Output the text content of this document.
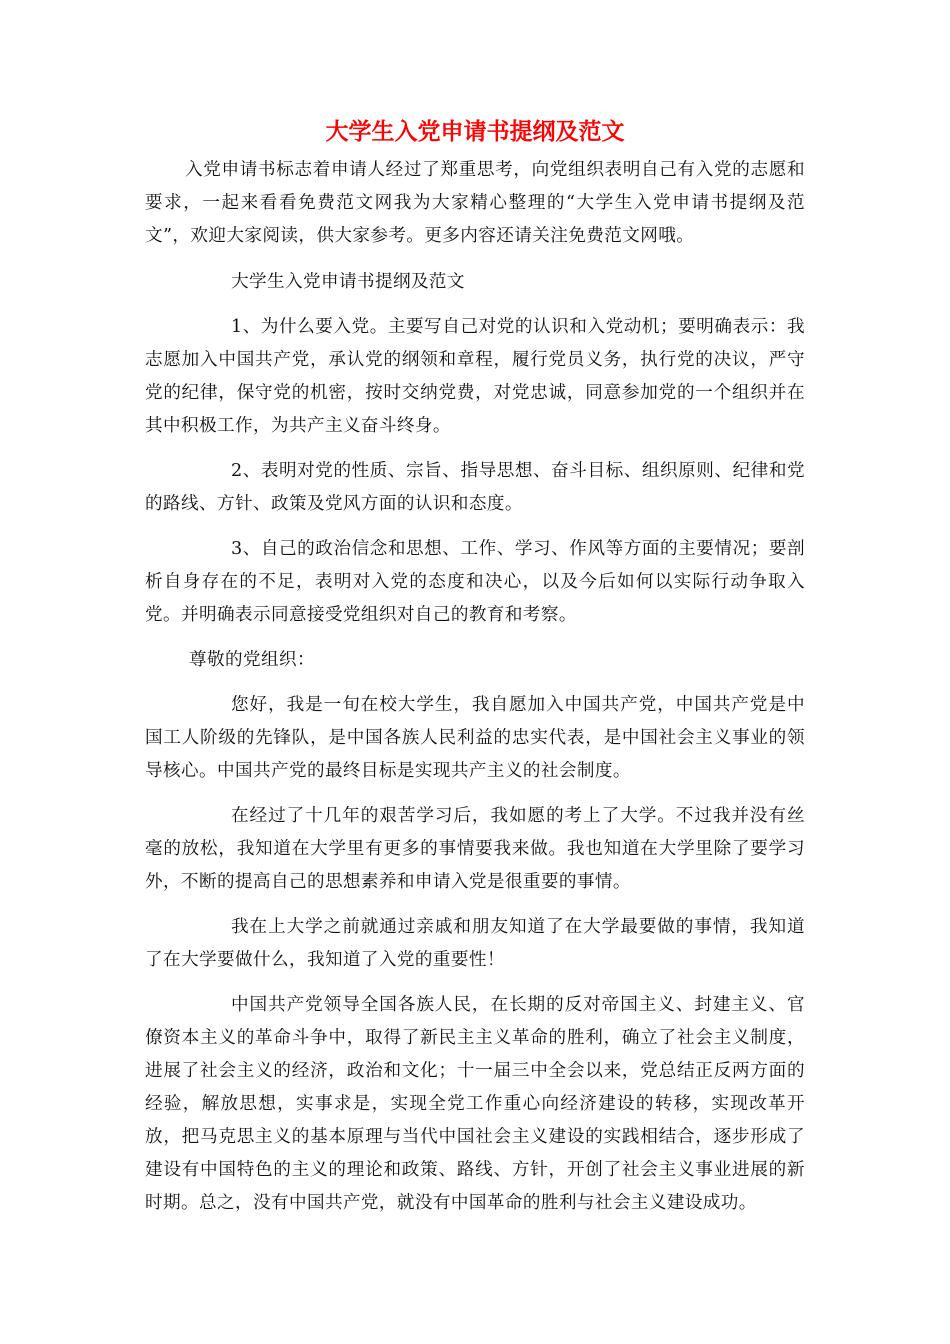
大学生入党申请书提纲及范文

入党申请书标志着申请人经过了郑重思考，向党组织表明自己有入党的志愿和要求，一起来看看免费范文网我为大家精心整理的“大学生入党申请书提纲及范文”，欢迎大家阅读，供大家参考。更多内容还请关注免费范文网哦。

大学生入党申请书提纲及范文

1、为什么要入党。主要写自己对党的认识和入党动机；要明确表示：我志愿加入中国共产党，承认党的纲领和章程，履行党员义务，执行党的决议，严守党的纪律，保守党的机密，按时交纳党费，对党忠诚，同意参加党的一个组织并在其中积极工作，为共产主义奋斗终身。

2、表明对党的性质、宗旨、指导思想、奋斗目标、组织原则、纪律和党的路线、方针、政策及党风方面的认识和态度。

3、自己的政治信念和思想、工作、学习、作风等方面的主要情况；要剖析自身存在的不足，表明对入党的态度和决心，以及今后如何以实际行动争取入党。并明确表示同意接受党组织对自己的教育和考察。

尊敬的党组织：

您好，我是一旬在校大学生，我自愿加入中国共产党，中国共产党是中国工人阶级的先锋队，是中国各族人民利益的忠实代表，是中国社会主义事业的领导核心。中国共产党的最终目标是实现共产主义的社会制度。

在经过了十几年的艰苦学习后，我如愿的考上了大学。不过我并没有丝毫的放松，我知道在大学里有更多的事情要我来做。我也知道在大学里除了要学习外，不断的提高自己的思想素养和申请入党是很重要的事情。

我在上大学之前就通过亲戚和朋友知道了在大学最要做的事情，我知道了在大学要做什么，我知道了入党的重要性！

中国共产党领导全国各族人民，在长期的反对帝国主义、封建主义、官僚资本主义的革命斗争中，取得了新民主主义革命的胜利，确立了社会主义制度，进展了社会主义的经济，政治和文化；十一届三中全会以来，党总结正反两方面的经验，解放思想，实事求是，实现全党工作重心向经济建设的转移，实现改革开放，把马克思主义的基本原理与当代中国社会主义建设的实践相结合，逐步形成了建设有中国特色的主义的理论和政策、路线、方针，开创了社会主义事业进展的新时期。总之，没有中国共产党，就没有中国革命的胜利与社会主义建设成功。
